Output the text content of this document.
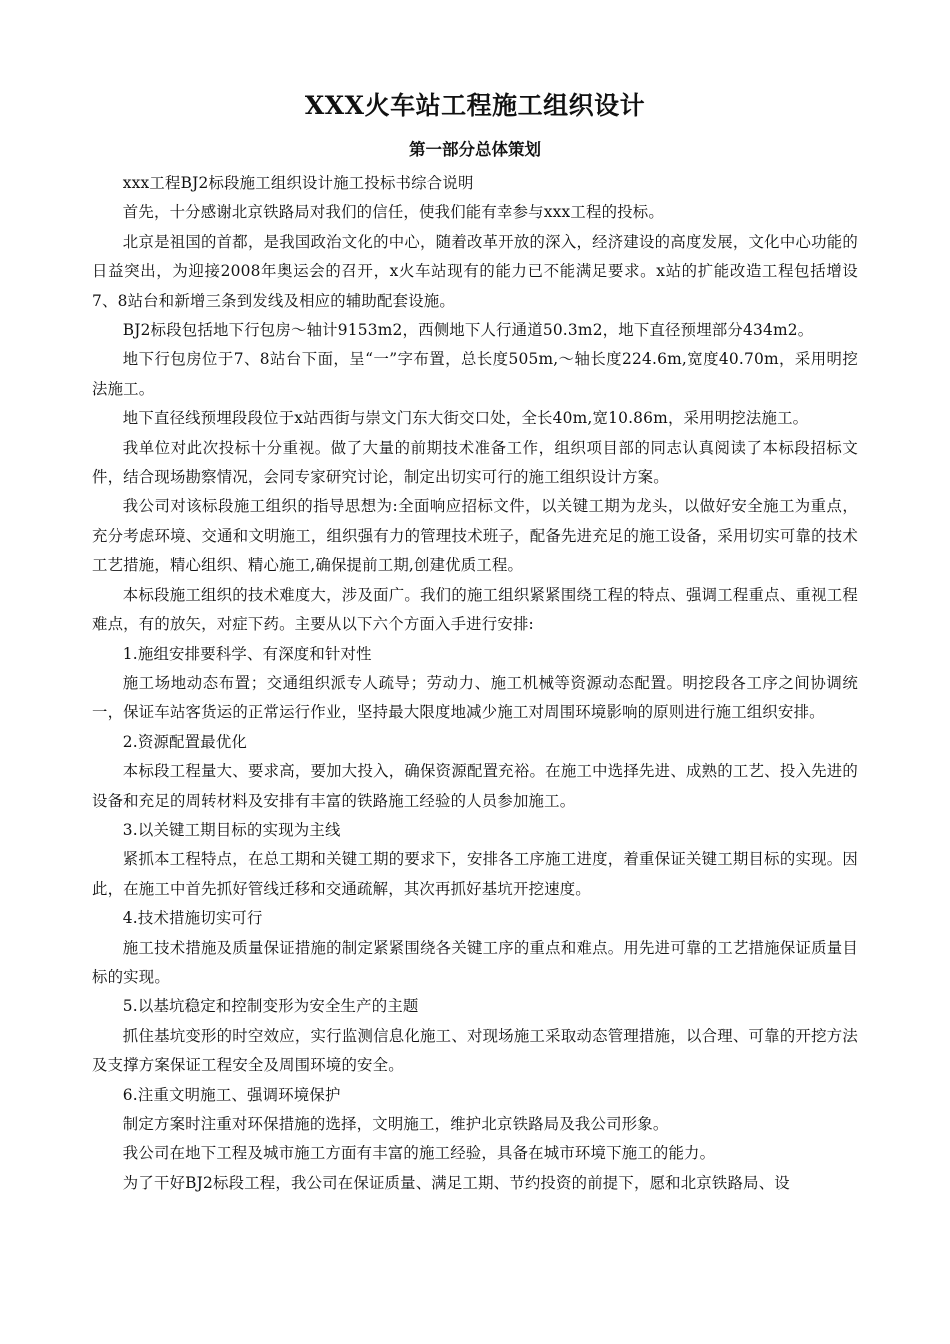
XXX火车站工程施工组织设计
第一部分总体策划

xxx工程BJ2标段施工组织设计施工投标书综合说明

首先，十分感谢北京铁路局对我们的信任，使我们能有幸参与xxx工程的投标。

北京是祖国的首都，是我国政治文化的中心，随着改革开放的深入，经济建设的高度发展，文化中心功能的日益突出，为迎接2008年奥运会的召开，x火车站现有的能力已不能满足要求。x站的扩能改造工程包括增设7、8站台和新增三条到发线及相应的辅助配套设施。

BJ2标段包括地下行包房～轴计9153m2，西侧地下人行通道50.3m2，地下直径预埋部分434m2。

地下行包房位于7、8站台下面，呈“一”字布置，总长度505m,～轴长度224.6m,宽度40.70m，采用明挖法施工。

地下直径线预埋段段位于x站西街与崇文门东大街交口处，全长40m,宽10.86m，采用明挖法施工。

我单位对此次投标十分重视。做了大量的前期技术准备工作，组织项目部的同志认真阅读了本标段招标文件，结合现场勘察情况，会同专家研究讨论，制定出切实可行的施工组织设计方案。

我公司对该标段施工组织的指导思想为:全面响应招标文件，以关键工期为龙头，以做好安全施工为重点，充分考虑环境、交通和文明施工，组织强有力的管理技术班子，配备先进充足的施工设备，采用切实可靠的技术工艺措施，精心组织、精心施工,确保提前工期,创建优质工程。

本标段施工组织的技术难度大，涉及面广。我们的施工组织紧紧围绕工程的特点、强调工程重点、重视工程难点，有的放矢，对症下药。主要从以下六个方面入手进行安排:

1.施组安排要科学、有深度和针对性

施工场地动态布置；交通组织派专人疏导；劳动力、施工机械等资源动态配置。明挖段各工序之间协调统一，保证车站客货运的正常运行作业，坚持最大限度地减少施工对周围环境影响的原则进行施工组织安排。

2.资源配置最优化

本标段工程量大、要求高，要加大投入，确保资源配置充裕。在施工中选择先进、成熟的工艺、投入先进的设备和充足的周转材料及安排有丰富的铁路施工经验的人员参加施工。

3.以关键工期目标的实现为主线

紧抓本工程特点，在总工期和关键工期的要求下，安排各工序施工进度，着重保证关键工期目标的实现。因此，在施工中首先抓好管线迁移和交通疏解，其次再抓好基坑开挖速度。

4.技术措施切实可行

施工技术措施及质量保证措施的制定紧紧围绕各关键工序的重点和难点。用先进可靠的工艺措施保证质量目标的实现。

5.以基坑稳定和控制变形为安全生产的主题

抓住基坑变形的时空效应，实行监测信息化施工、对现场施工采取动态管理措施，以合理、可靠的开挖方法及支撑方案保证工程安全及周围环境的安全。

6.注重文明施工、强调环境保护

制定方案时注重对环保措施的选择，文明施工，维护北京铁路局及我公司形象。

我公司在地下工程及城市施工方面有丰富的施工经验，具备在城市环境下施工的能力。

为了干好BJ2标段工程，我公司在保证质量、满足工期、节约投资的前提下，愿和北京铁路局、设
